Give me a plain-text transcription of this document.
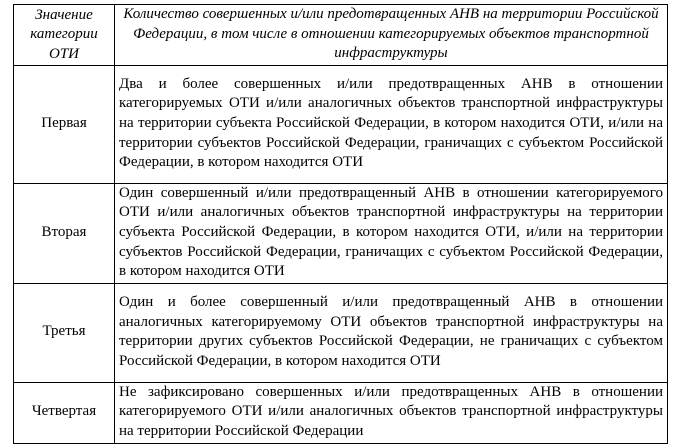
Значение категории ОТИ	Количество совершенных и/или предотвращенных АНВ на территории Российской Федерации, в том числе в отношении категорируемых объектов транспортной инфраструктуры
Первая	Два и более совершенных и/или предотвращенных АНВ в отношении категорируемых ОТИ и/или аналогичных объектов транспортной инфраструктуры на территории субъекта Российской Федерации, в котором находится ОТИ, и/или на территории субъектов Российской Федерации, граничащих с субъектом Российской Федерации, в котором находится ОТИ
Вторая	Один совершенный и/или предотвращенный АНВ в отношении категорируемого ОТИ и/или аналогичных объектов транспортной инфраструктуры на территории субъекта Российской Федерации, в котором находится ОТИ, и/или на территории субъектов Российской Федерации, граничащих с субъектом Российской Федерации, в котором находится ОТИ
Третья	Один и более совершенный и/или предотвращенный АНВ в отношении аналогичных категорируемому ОТИ объектов транспортной инфраструктуры на территории других субъектов Российской Федерации, не граничащих с субъектом Российской Федерации, в котором находится ОТИ
Четвертая	Не зафиксировано совершенных и/или предотвращенных АНВ в отношении категорируемого ОТИ и/или аналогичных объектов транспортной инфраструктуры на территории Российской Федерации
